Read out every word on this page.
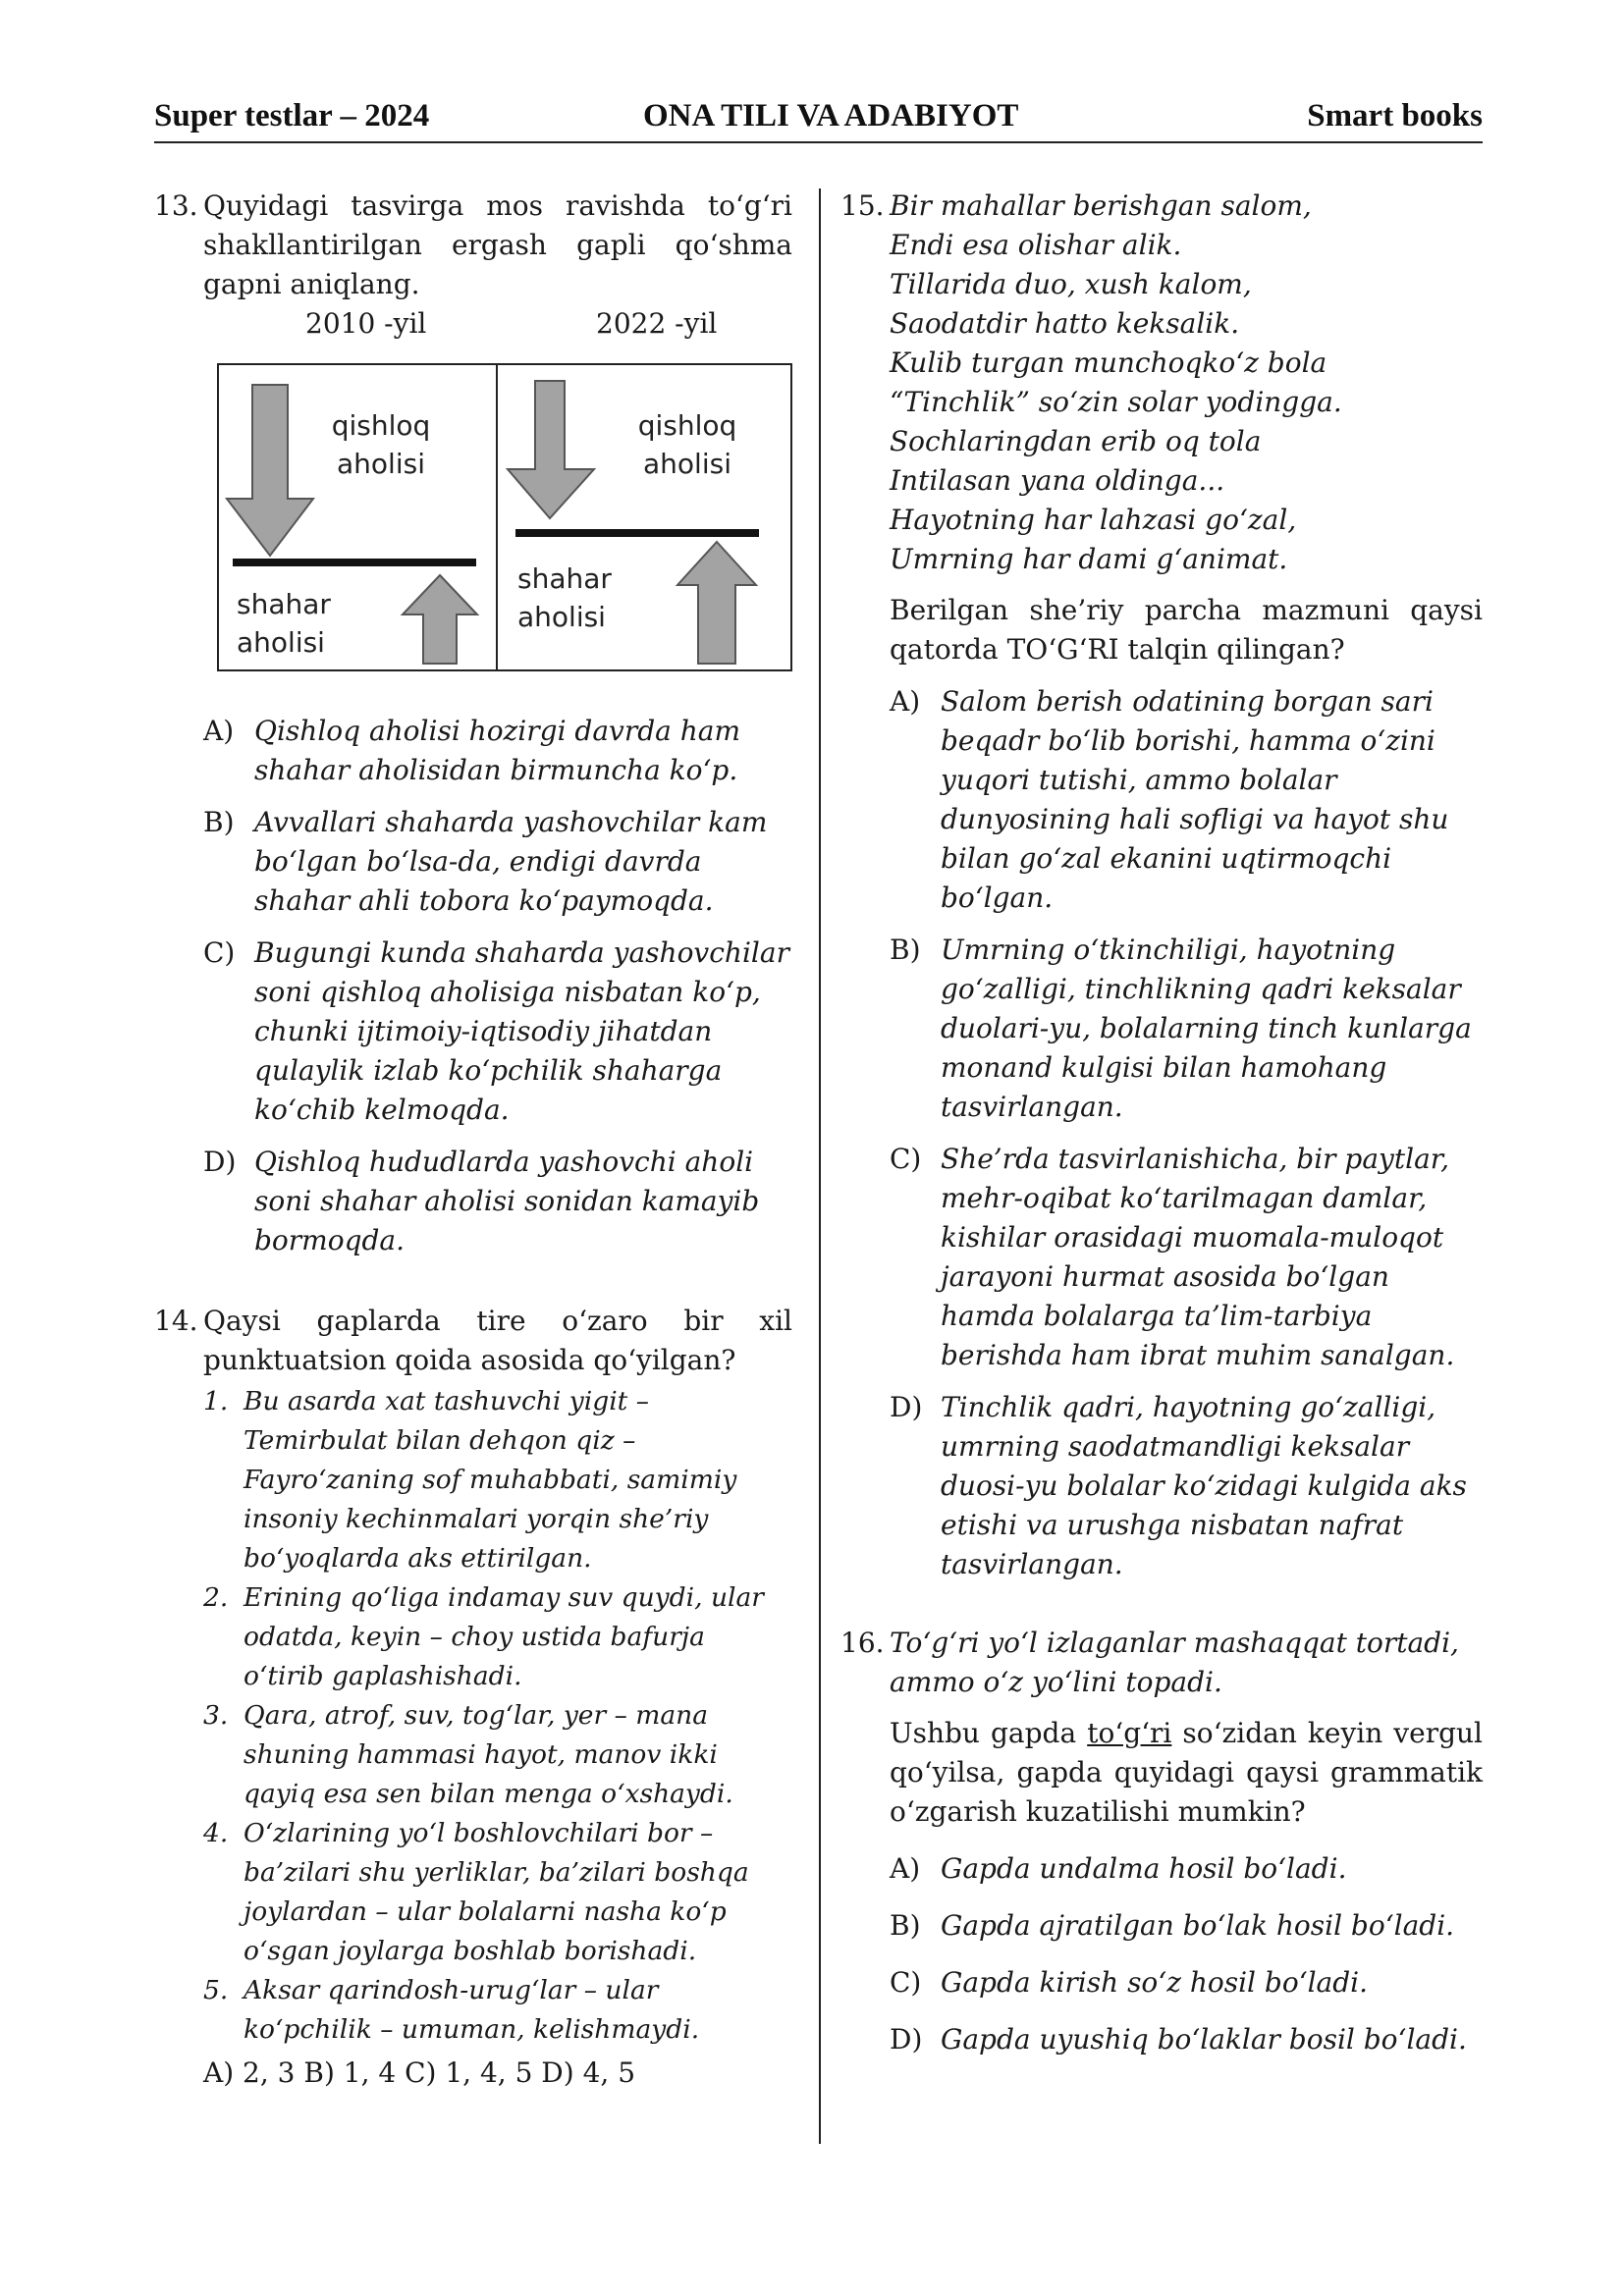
Super testlar – 2024	ONA TILI VA ADABIYOT	Smart books
13. Quyidagi tasvirga mos ravishda to‘g‘ri shakllantirilgan ergash gapli qo‘shma gapni aniqlang.
2010 -yil	2022 -yil
qishloq
aholisi
shahar
aholisi
qishloq
aholisi
shahar
aholisi
A) Qishloq aholisi hozirgi davrda ham shahar aholisidan birmuncha ko‘p.
B) Avvallari shaharda yashovchilar kam bo‘lgan bo‘lsa-da, endigi davrda shahar ahli tobora ko‘paymoqda.
C) Bugungi kunda shaharda yashovchilar soni qishloq aholisiga nisbatan ko‘p, chunki ijtimoiy-iqtisodiy jihatdan qulaylik izlab ko‘pchilik shaharga ko‘chib kelmoqda.
D) Qishloq hududlarda yashovchi aholi soni shahar aholisi sonidan kamayib bormoqda.
14. Qaysi gaplarda tire o‘zaro bir xil punktuatsion qoida asosida qo‘yilgan?
1. Bu asarda xat tashuvchi yigit – Temirbulat bilan dehqon qiz – Fayro‘zaning sof muhabbati, samimiy insoniy kechinmalari yorqin she’riy bo‘yoqlarda aks ettirilgan.
2. Erining qo‘liga indamay suv quydi, ular odatda, keyin – choy ustida bafurja o‘tirib gaplashishadi.
3. Qara, atrof, suv, tog‘lar, yer – mana shuning hammasi hayot, manov ikki qayiq esa sen bilan menga o‘xshaydi.
4. O‘zlarining yo‘l boshlovchilari bor – ba’zilari shu yerliklar, ba’zilari boshqa joylardan – ular bolalarni nasha ko‘p o‘sgan joylarga boshlab borishadi.
5. Aksar qarindosh-urug‘lar – ular ko‘pchilik – umuman, kelishmaydi.
A) 2, 3 B) 1, 4 C) 1, 4, 5 D) 4, 5
15. Bir mahallar berishgan salom,
Endi esa olishar alik.
Tillarida duo, xush kalom,
Saodatdir hatto keksalik.
Kulib turgan munchoqko‘z bola
“Tinchlik” so‘zin solar yodingga.
Sochlaringdan erib oq tola
Intilasan yana oldinga...
Hayotning har lahzasi go‘zal,
Umrning har dami g‘animat.
Berilgan she’riy parcha mazmuni qaysi qatorda TO‘G‘RI talqin qilingan?
A) Salom berish odatining borgan sari beqadr bo‘lib borishi, hamma o‘zini yuqori tutishi, ammo bolalar dunyosining hali sofligi va hayot shu bilan go‘zal ekanini uqtirmoqchi bo‘lgan.
B) Umrning o‘tkinchiligi, hayotning go‘zalligi, tinchlikning qadri keksalar duolari-yu, bolalarning tinch kunlarga monand kulgisi bilan hamohang tasvirlangan.
C) She’rda tasvirlanishicha, bir paytlar, mehr-oqibat ko‘tarilmagan damlar, kishilar orasidagi muomala-muloqot jarayoni hurmat asosida bo‘lgan hamda bolalarga ta’lim-tarbiya berishda ham ibrat muhim sanalgan.
D) Tinchlik qadri, hayotning go‘zalligi, umrning saodatmandligi keksalar duosi-yu bolalar ko‘zidagi kulgida aks etishi va urushga nisbatan nafrat tasvirlangan.
16. To‘g‘ri yo‘l izlaganlar mashaqqat tortadi, ammo o‘z yo‘lini topadi.
Ushbu gapda to‘g‘ri so‘zidan keyin vergul qo‘yilsa, gapda quyidagi qaysi grammatik o‘zgarish kuzatilishi mumkin?
A) Gapda undalma hosil bo‘ladi.
B) Gapda ajratilgan bo‘lak hosil bo‘ladi.
C) Gapda kirish so‘z hosil bo‘ladi.
D) Gapda uyushiq bo‘laklar bosil bo‘ladi.
